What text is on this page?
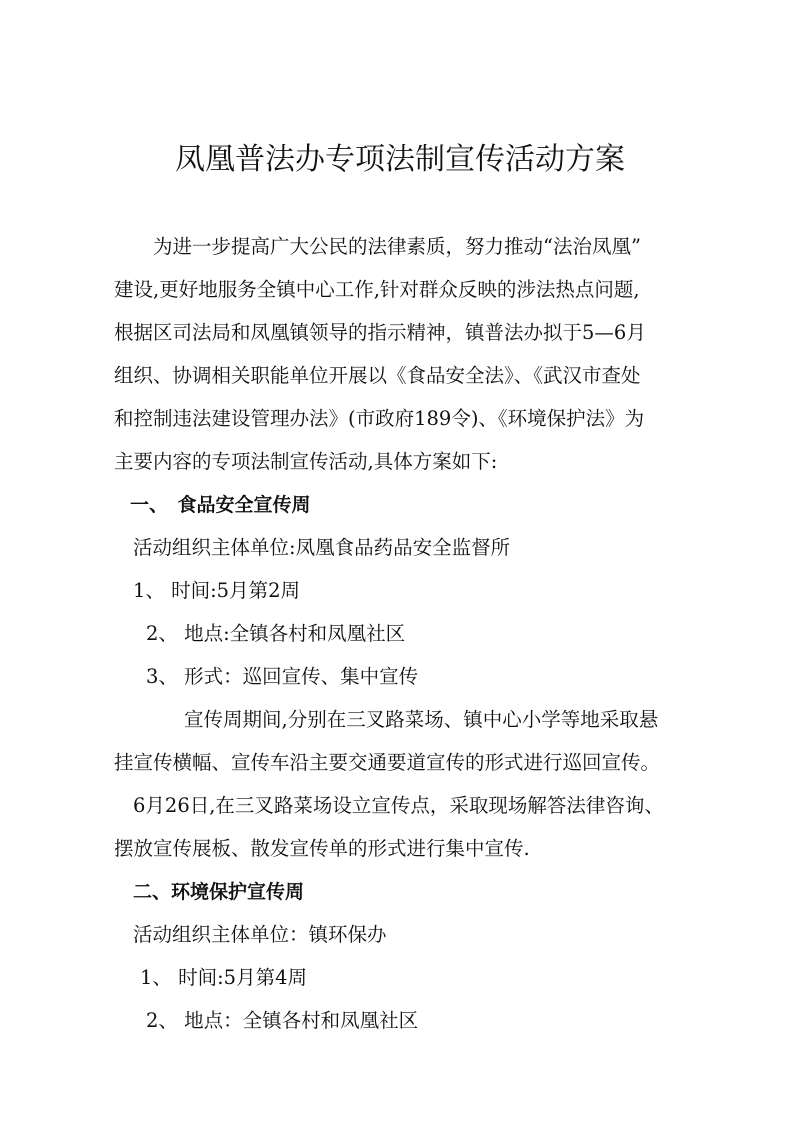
凤凰普法办专项法制宣传活动方案

　　为进一步提高广大公民的法律素质，努力推动“法治凤凰”

建设,更好地服务全镇中心工作,针对群众反映的涉法热点问题,

根据区司法局和凤凰镇领导的指示精神，镇普法办拟于5—6月

组织、协调相关职能单位开展以《食品安全法》、《武汉市查处

和控制违法建设管理办法》(市政府189令)、《环境保护法》为

主要内容的专项法制宣传活动,具体方案如下:

一、　食品安全宣传周

活动组织主体单位:凤凰食品药品安全监督所

1、 时间:5月第2周

2、 地点:全镇各村和凤凰社区

3、 形式：巡回宣传、集中宣传

宣传周期间,分别在三叉路菜场、镇中心小学等地采取悬

挂宣传横幅、宣传车沿主要交通要道宣传的形式进行巡回宣传。

6月26日,在三叉路菜场设立宣传点，采取现场解答法律咨询、

摆放宣传展板、散发宣传单的形式进行集中宣传.

二、环境保护宣传周

活动组织主体单位：镇环保办

1、 时间:5月第4周

2、 地点：全镇各村和凤凰社区
